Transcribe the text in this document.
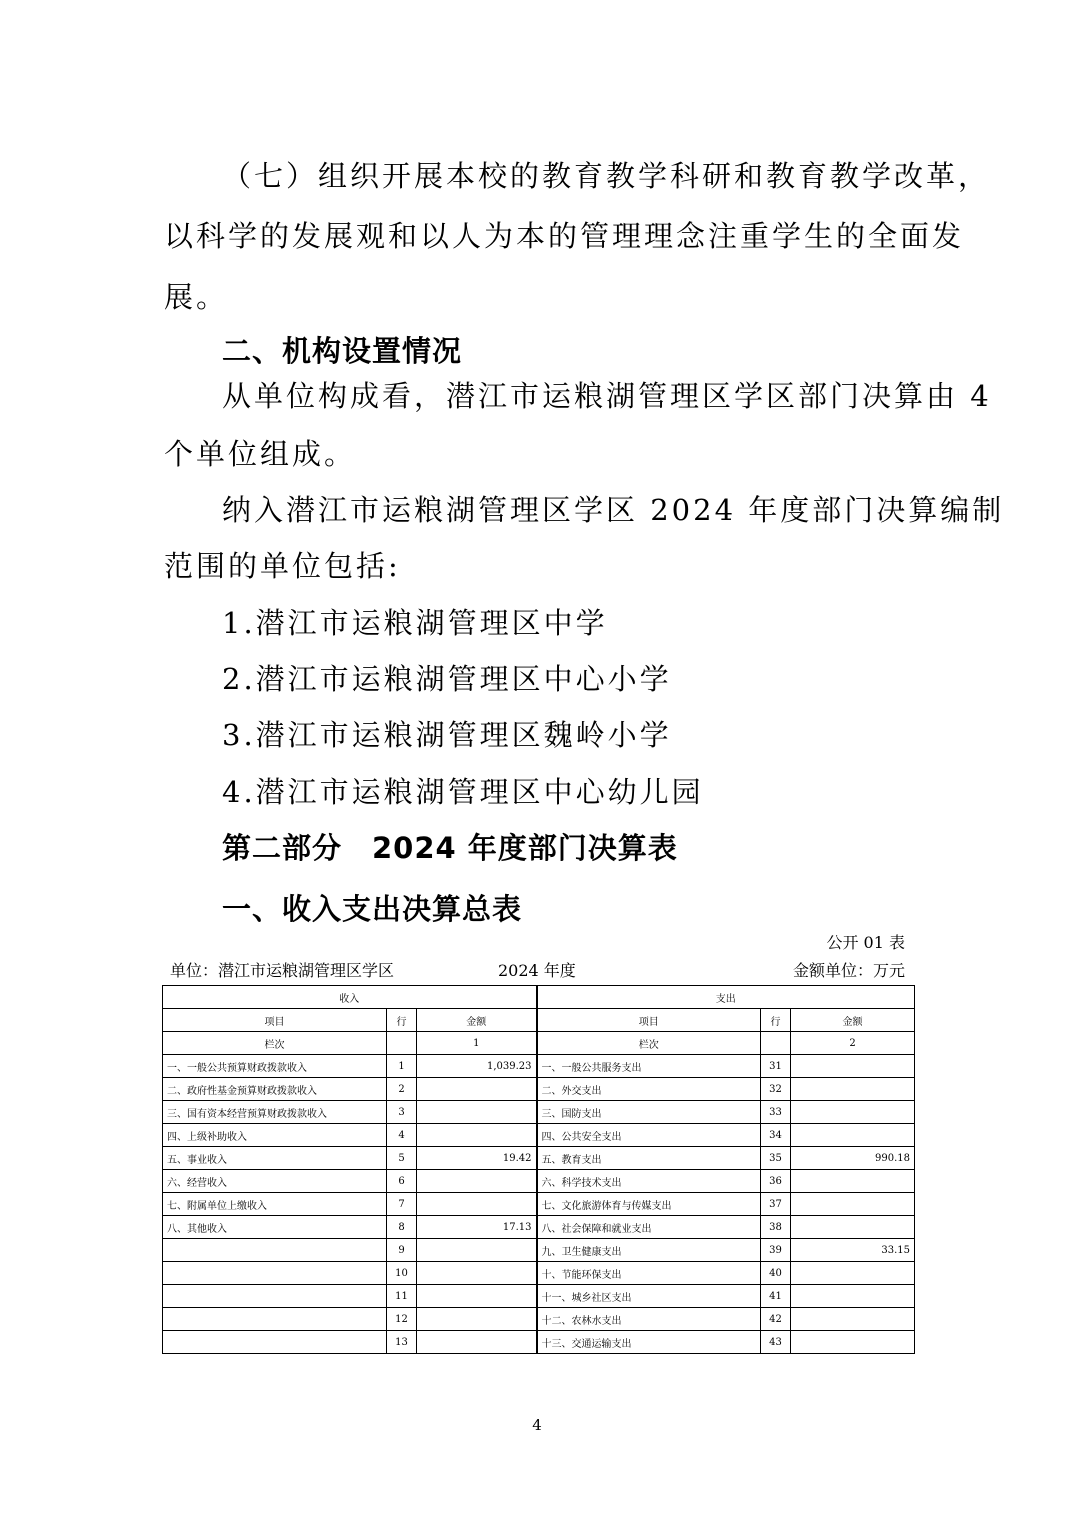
（七）组织开展本校的教育教学科研和教育教学改革，
以科学的发展观和以人为本的管理理念注重学生的全面发
展。
二、机构设置情况
从单位构成看，潜江市运粮湖管理区学区部门决算由 4
个单位组成。
纳入潜江市运粮湖管理区学区 2024 年度部门决算编制
范围的单位包括:
1.潜江市运粮湖管理区中学
2.潜江市运粮湖管理区中心小学
3.潜江市运粮湖管理区魏岭小学
4.潜江市运粮湖管理区中心幼儿园
第二部分　2024 年度部门决算表
一、收入支出决算总表
公开 01 表
单位：潜江市运粮湖管理区学区	2024 年度	金额单位：万元
收入			支出		
项目	行	金额	项目	行	金额
栏次		1	栏次		2
一、一般公共预算财政拨款收入	1	1,039.23	一、一般公共服务支出	31	
二、政府性基金预算财政拨款收入	2		二、外交支出	32	
三、国有资本经营预算财政拨款收入	3		三、国防支出	33	
四、上级补助收入	4		四、公共安全支出	34	
五、事业收入	5	19.42	五、教育支出	35	990.18
六、经营收入	6		六、科学技术支出	36	
七、附属单位上缴收入	7		七、文化旅游体育与传媒支出	37	
八、其他收入	8	17.13	八、社会保障和就业支出	38	
	9		九、卫生健康支出	39	33.15
	10		十、节能环保支出	40	
	11		十一、城乡社区支出	41	
	12		十二、农林水支出	42	
	13		十三、交通运输支出	43	
4
